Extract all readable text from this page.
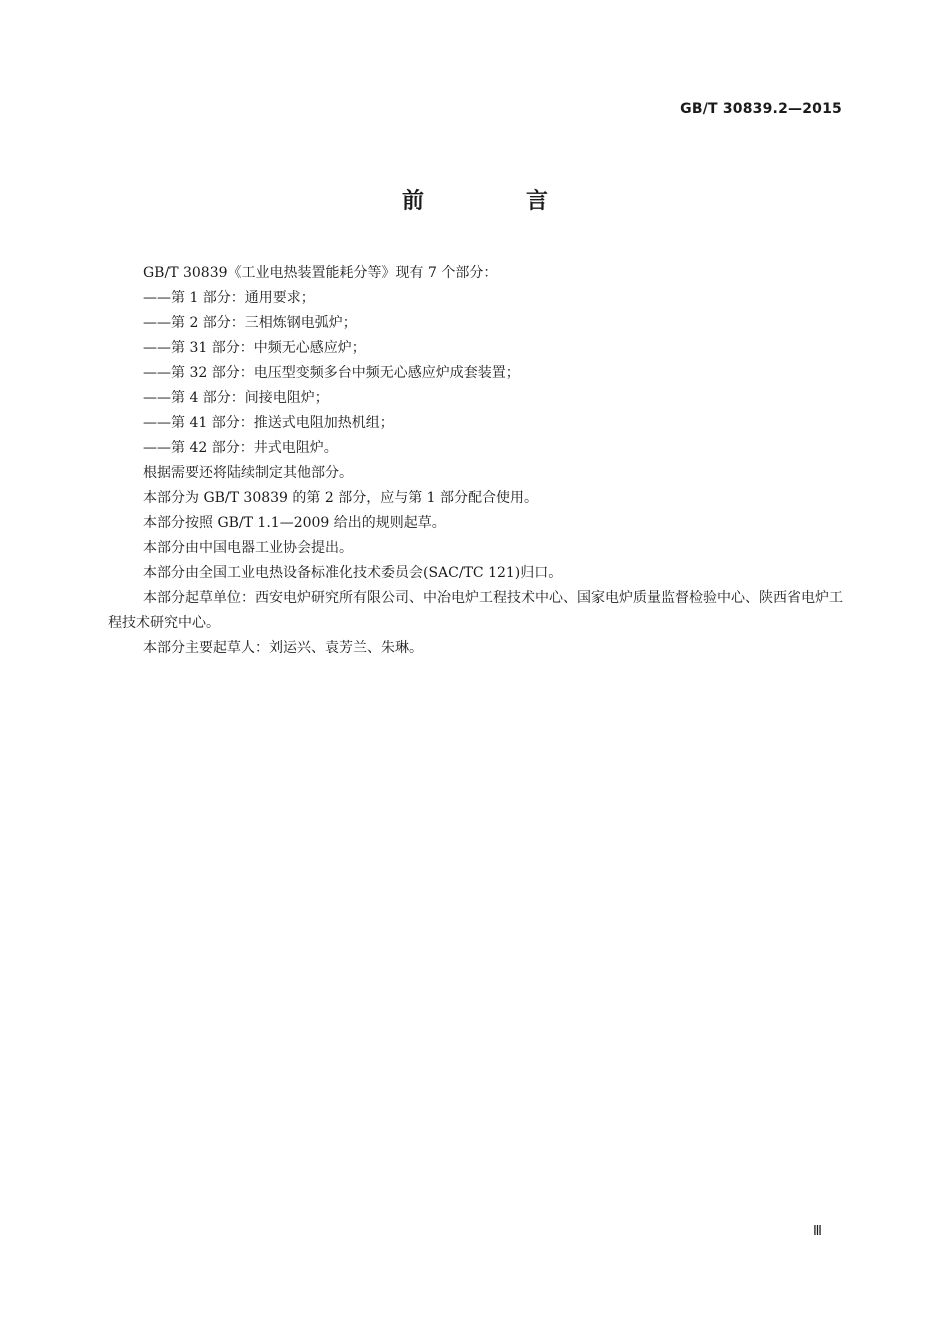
GB/T 30839.2—2015
前　言

GB/T 30839《工业电热装置能耗分等》现有 7 个部分：

——第 1 部分：通用要求；

——第 2 部分：三相炼钢电弧炉；

——第 31 部分：中频无心感应炉；

——第 32 部分：电压型变频多台中频无心感应炉成套装置；

——第 4 部分：间接电阻炉；

——第 41 部分：推送式电阻加热机组；

——第 42 部分：井式电阻炉。

根据需要还将陆续制定其他部分。

本部分为 GB/T 30839 的第 2 部分，应与第 1 部分配合使用。

本部分按照 GB/T 1.1—2009 给出的规则起草。

本部分由中国电器工业协会提出。

本部分由全国工业电热设备标准化技术委员会(SAC/TC 121)归口。

本部分起草单位：西安电炉研究所有限公司、中冶电炉工程技术中心、国家电炉质量监督检验中心、陕西省电炉工程技术研究中心。

本部分主要起草人：刘运兴、袁芳兰、朱琳。

Ⅲ
